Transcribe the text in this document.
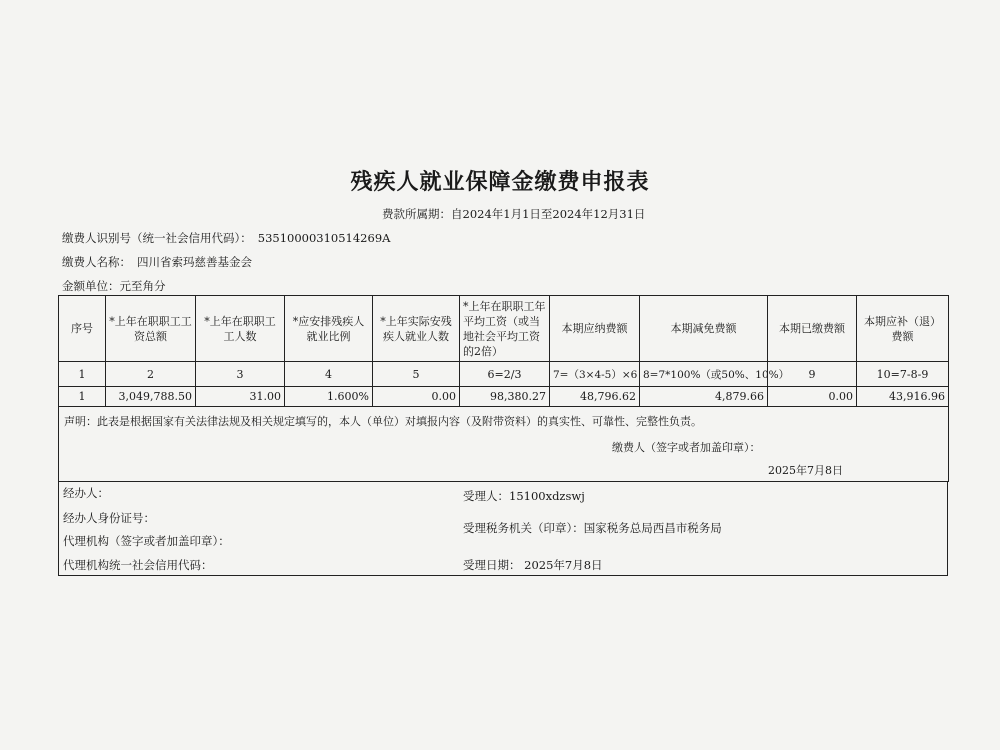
残疾人就业保障金缴费申报表
费款所属期：自2024年1月1日至2024年12月31日
缴费人识别号（统一社会信用代码）： 53510000310514269A
缴费人名称： 四川省索玛慈善基金会
金额单位：元至角分
序号	*上年在职职工工资总额	*上年在职职工工人数	*应安排残疾人就业比例	*上年实际安残疾人就业人数	*上年在职职工年平均工资（或当地社会平均工资的2倍）	本期应纳费额	本期减免费额	本期已缴费额	本期应补（退）费额
1	2	3	4	5	6=2/3	7=（3×4-5）×6	8=7*100%（或50%、10%）	9	10=7-8-9
1	3,049,788.50	31.00	1.600%	0.00	98,380.27	48,796.62	4,879.66	0.00	43,916.96

声明：此表是根据国家有关法律法规及相关规定填写的，本人（单位）对填报内容（及附带资料）的真实性、可靠性、完整性负责。
缴费人（签字或者加盖印章）：
2025年7月8日									
经办人：
经办人身份证号：
代理机构（签字或者加盖印章）：
代理机构统一社会信用代码：
受理人：15100xdzswj
受理税务机关（印章）：国家税务总局西昌市税务局
受理日期： 2025年7月8日
